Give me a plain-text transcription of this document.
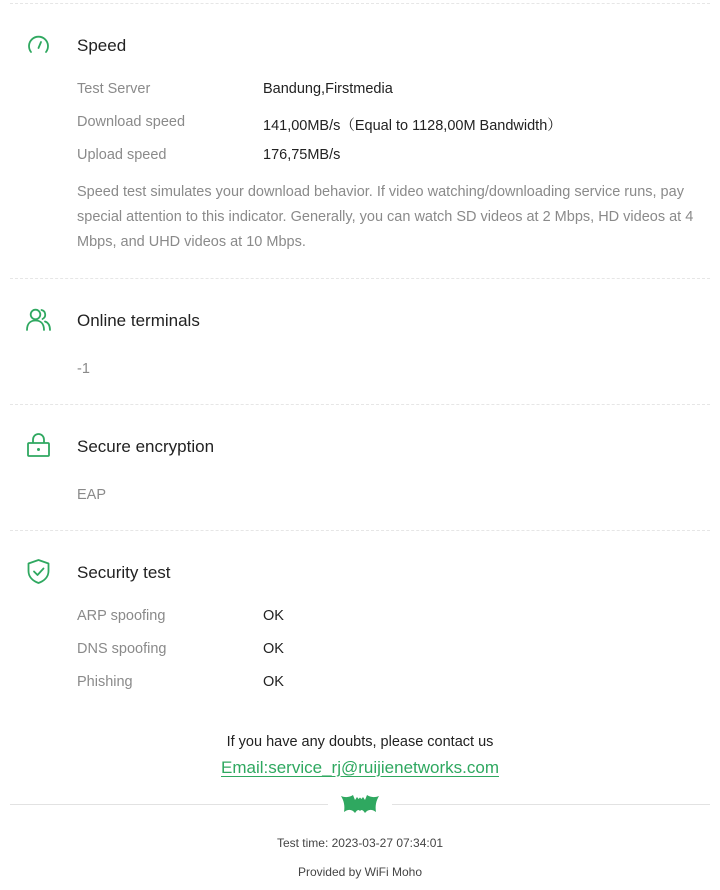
Speed
Test Server	Bandung,Firstmedia
Download speed	141,00MB/s（Equal to 1128,00M Bandwidth）
Upload speed	176,75MB/s
Speed test simulates your download behavior. If video watching/downloading service runs, pay special attention to this indicator. Generally, you can watch SD videos at 2 Mbps, HD videos at 4 Mbps, and UHD videos at 10 Mbps.
Online terminals
-1
Secure encryption
EAP
Security test
ARP spoofing	OK
DNS spoofing	OK
Phishing	OK
If you have any doubts, please contact us
Email:service_rj@ruijienetworks.com
Test time: 2023-03-27 07:34:01
Provided by WiFi Moho
